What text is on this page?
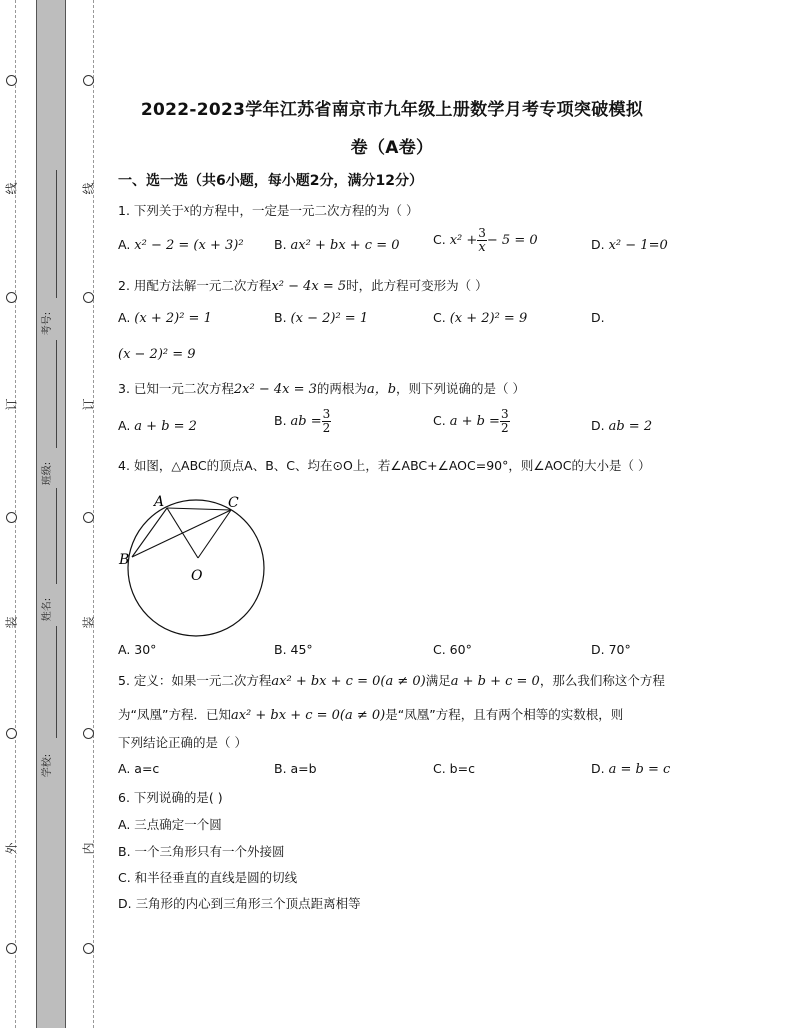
线
订
装
外
线
订
装
内
考号:
班级:
姓名:
学校:
2022-2023学年江苏省南京市九年级上册数学月考专项突破模拟
卷（A卷）
一、选一选（共6小题，每小题2分，满分12分）
1. 下列关于$^x$的方程中，一定是一元二次方程的为（ ）
A. x² − 2 = (x + 3)² B. ax² + bx + c = 0	C. $x^2 + \frac{3}{x} - 5 = 0$	D. x² − 1=0
2. 用配方法解一元二次方程x² − 4x = 5时，此方程可变形为（ ）
A. (x + 2)² = 1	B. (x − 2)² = 1	C. (x + 2)² = 9	D.
(x − 2)² = 9
3. 已知一元二次方程2x² − 4x = 3的两根为a，b，则下列说确的是（ ）
A. a + b = 2	B. ab = $\frac{3}{2}$	C. $a + b = \frac{3}{2}$	D. ab = 2
4. 如图，△ABC的顶点A、B、C、均在⊙O上，若∠ABC+∠AOC=90°，则∠AOC的大小是（ ）
A. 30°	B. 45°	C. 60°	D. 70°
5. 定义：如果一元二次方程ax² + bx + c = 0(a ≠ 0)满足a + b + c = 0，那么我们称这个方程
为“凤凰”方程．已知ax² + bx + c = 0(a ≠ 0)是“凤凰”方程，且有两个相等的实数根，则
下列结论正确的是（ ）
A. a=c	B. a=b	C. b=c	D. a = b = c
6. 下列说确的是( )
A. 三点确定一个圆
B. 一个三角形只有一个外接圆
C. 和半径垂直的直线是圆的切线
D. 三角形的内心到三角形三个顶点距离相等
A	C
B
O
